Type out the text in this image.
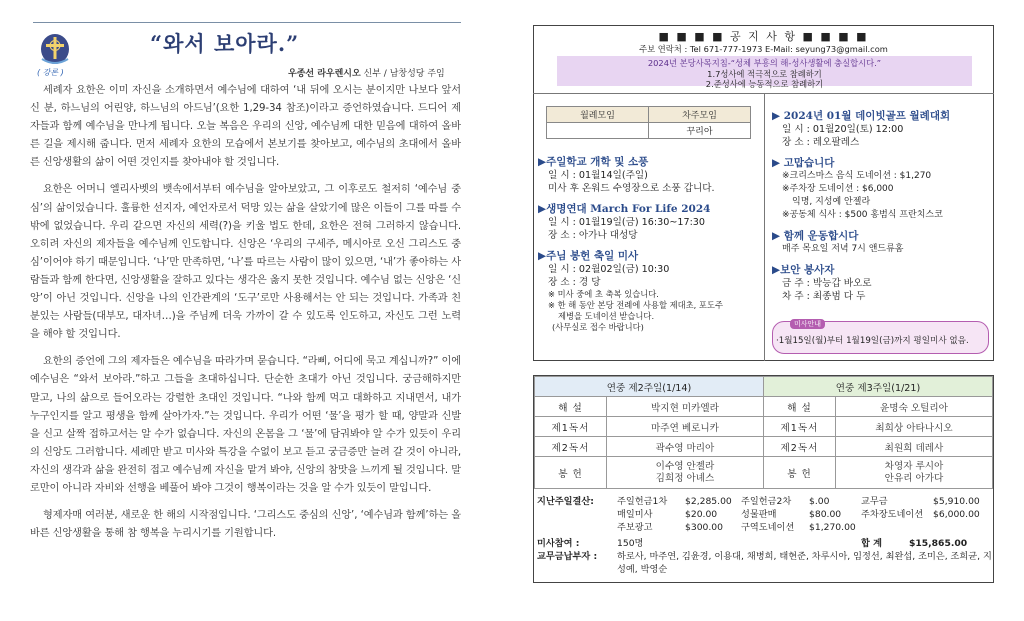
( 강론 )
“와서 보아라.”
우종선 라우렌시오 신부 / 남창성당 주임

세례자 요한은 이미 자신을 소개하면서 예수님에 대하여 ‘내 뒤에 오시는 분이지만 나보다 앞서신 분, 하느님의 어린양, 하느님의 아드님’(요한 1,29-34 참조)이라고 증언하였습니다. 드디어 제자들과 함께 예수님을 만나게 됩니다. 오늘 복음은 우리의 신앙, 예수님께 대한 믿음에 대하여 올바른 길을 제시해 줍니다. 먼저 세례자 요한의 모습에서 본보기를 찾아보고, 예수님의 초대에서 올바른 신앙생활의 삶이 어떤 것인지를 찾아내야 할 것입니다.

요한은 어머니 엘리사벳의 뱃속에서부터 예수님을 알아보았고, 그 이후로도 철저히 ‘예수님 중심’의 삶이었습니다. 훌륭한 선지자, 예언자로서 덕망 있는 삶을 살았기에 많은 이들이 그를 따를 수밖에 없었습니다. 우리 같으면 자신의 세력(?)을 키울 법도 한데, 요한은 전혀 그러하지 않습니다. 오히려 자신의 제자들을 예수님께 인도합니다. 신앙은 ‘우리의 구세주, 메시아로 오신 그리스도 중심’이어야 하기 때문입니다. ‘나’만 만족하면, ‘나’를 따르는 사람이 많이 있으면, ‘내’가 좋아하는 사람들과 함께 한다면, 신앙생활을 잘하고 있다는 생각은 옳지 못한 것입니다. 예수님 없는 신앙은 ‘신앙’이 아닌 것입니다. 신앙을 나의 인간관계의 ‘도구’로만 사용해서는 안 되는 것입니다. 가족과 친분있는 사람들(대부모, 대자녀…)을 주님께 더욱 가까이 갈 수 있도록 인도하고, 자신도 그런 노력을 해야 할 것입니다.

요한의 증언에 그의 제자들은 예수님을 따라가며 묻습니다. “라삐, 어디에 묵고 계십니까?” 이에 예수님은 “와서 보아라.”하고 그들을 초대하십니다. 단순한 초대가 아닌 것입니다. 궁금해하지만 말고, 나의 삶으로 들어오라는 강렬한 초대인 것입니다. “나와 함께 먹고 대화하고 지내면서, 내가 누구인지를 알고 평생을 함께 살아가자.”는 것입니다. 우리가 어떤 ‘물’을 평가 할 때, 양말과 신발을 신고 살짝 접하고서는 알 수가 없습니다. 자신의 온몸을 그 ‘물’에 담궈봐야 알 수가 있듯이 우리의 신앙도 그러합니다. 세례만 받고 미사와 특강을 수없이 보고 듣고 궁금증만 늘려 갈 것이 아니라, 자신의 생각과 삶을 완전히 접고 예수님께 자신을 맡겨 봐야, 신앙의 참맛을 느끼게 될 것입니다. 말로만이 아니라 자비와 선행을 베풀어 봐야 그것이 행복이라는 것을 알 수가 있듯이 말입니다.

형제자매 여러분, 새로운 한 해의 시작점입니다. ‘그리스도 중심의 신앙’, ‘예수님과 함께’하는 올바른 신앙생활을 통해 참 행복을 누리시기를 기원합니다.

■ ■ ■ ■ 공 지 사 항 ■ ■ ■ ■
주보 연락처 : Tel 671-777-1973 E-Mail: seyung73@gmail.com
2024년 본당사목지침-“성체 부흥의 해-성사생활에 충실합시다.”
1.7성사에 적극적으로 참례하기
2.준성사에 능동적으로 참례하기
월례모임	차주모임
	꾸리아
▶주일학교 개학 및 소풍
일 시 : 01월14일(주일)
미사 후 온워드 수영장으로 소풍 갑니다.
▶생명연대 March For Life 2024
일 시 : 01월19일(금) 16:30~17:30
장 소 : 아가나 대성당
▶주님 봉헌 축일 미사
일 시 : 02월02일(금) 10:30
장 소 : 경 당
※ 미사 중에 초 축복 있습니다.
※ 한 해 동안 본당 전례에 사용할 제대초, 포도주
제병을 도네이션 받습니다.
(사무실로 접수 바랍니다)
▶ 2024년 01월 데이빗골프 월례대회
일 시 : 01월20일(토) 12:00
장 소 : 레오팔레스
▶ 고맙습니다
※크리스마스 음식 도네이션 : $1,270
※주차장 도네이션 : $6,000
익명, 지성예 안젤라
※공동체 식사 : $500 홍범식 프란치스코
▶ 함께 운동합시다
매주 목요일 저녁 7시 앤드류홈
▶보안 봉사자
금 주 : 박능갑 바오로
차 주 : 최종범 다 두
미사안내
·1월15일(월)부터 1월19일(금)까지 평일미사 없음.
연중 제2주일(1/14)		연중 제3주일(1/21)	
해 설	박지현 미카엘라	해 설	윤명숙 오틸리아
제1독서	마주연 베로니카	제1독서	최희상 아타나시오
제2독서	곽수영 마리아	제2독서	최원희 데레사
봉 헌	이수영 안젤라
김희정 아녜스	봉 헌	차영자 루시아
안유리 아가다
지난주일결산:	주일헌금1차	$2,285.00	주일헌금2차	$.00	교무금	$5,910.00
매일미사	$20.00	성물판매	$80.00	주차장도네이션	$6,000.00
주보광고	$300.00	구역도네이션	$1,270.00
미사참여 :	150명	합 계	$15,865.00
교무금납부자 :	하로사, 마주연, 김윤경, 이용대, 채병희, 태현준, 차루시아, 임정선, 최완섭, 조미은, 조희균, 지성예, 박영순
